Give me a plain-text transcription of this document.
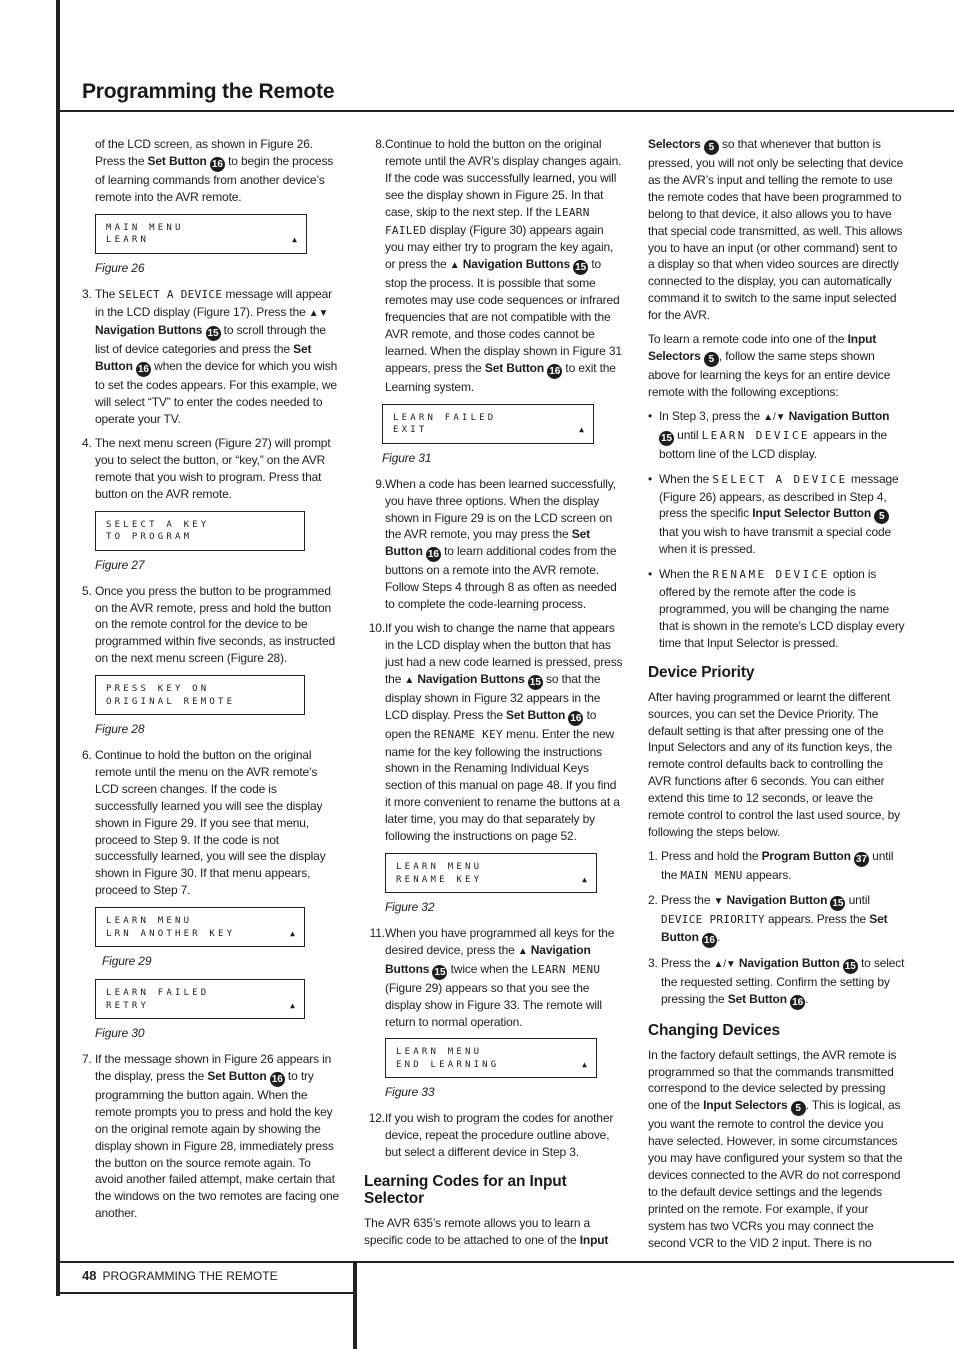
Programming the Remote

of the LCD screen, as shown in Figure 26. Press the Set Button 16 to begin the process of learning commands from another device’s remote into the AVR remote.

MAIN MENU
LEARN	▲
Figure 26
3. The SELECT A DEVICE message will appear in the LCD display (Figure 17). Press the ▲▼ Navigation Buttons 15 to scroll through the list of device categories and press the Set Button 16 when the device for which you wish to set the codes appears. For this example, we will select “TV” to enter the codes needed to operate your TV.
4. The next menu screen (Figure 27) will prompt you to select the button, or “key,” on the AVR remote that you wish to program. Press that button on the AVR remote.
SELECT A KEY
TO PROGRAM
Figure 27
5. Once you press the button to be programmed on the AVR remote, press and hold the button on the remote control for the device to be programmed within five seconds, as instructed on the next menu screen (Figure 28).
PRESS KEY ON
ORIGINAL REMOTE
Figure 28
6. Continue to hold the button on the original remote until the menu on the AVR remote’s LCD screen changes. If the code is successfully learned you will see the display shown in Figure 29. If you see that menu, proceed to Step 9. If the code is not successfully learned, you will see the display shown in Figure 30. If that menu appears, proceed to Step 7.
LEARN MENU
LRN ANOTHER KEY	▲
Figure 29
LEARN FAILED
RETRY	▲
Figure 30
7. If the message shown in Figure 26 appears in the display, press the Set Button 16 to try programming the button again. When the remote prompts you to press and hold the key on the original remote again by showing the display shown in Figure 28, immediately press the button on the source remote again. To avoid another failed attempt, make certain that the windows on the two remotes are facing one another.
8. Continue to hold the button on the original remote until the AVR’s display changes again. If the code was successfully learned, you will see the display shown in Figure 25. In that case, skip to the next step. If the LEARN FAILED display (Figure 30) appears again you may either try to program the key again, or press the ▲ Navigation Buttons 15 to stop the process. It is possible that some remotes may use code sequences or infrared frequencies that are not compatible with the AVR remote, and those codes cannot be learned. When the display shown in Figure 31 appears, press the Set Button 16 to exit the Learning system.
LEARN FAILED
EXIT	▲
Figure 31
9. When a code has been learned successfully, you have three options. When the display shown in Figure 29 is on the LCD screen on the AVR remote, you may press the Set Button 16 to learn additional codes from the buttons on a remote into the AVR remote. Follow Steps 4 through 8 as often as needed to complete the code-learning process.
10. If you wish to change the name that appears in the LCD display when the button that has just had a new code learned is pressed, press the ▲ Navigation Buttons 15 so that the display shown in Figure 32 appears in the LCD display. Press the Set Button 16 to open the RENAME KEY menu. Enter the new name for the key following the instructions shown in the Renaming Individual Keys section of this manual on page 48. If you find it more convenient to rename the buttons at a later time, you may do that separately by following the instructions on page 52.
LEARN MENU
RENAME KEY	▲
Figure 32
11. When you have programmed all keys for the desired device, press the ▲ Navigation Buttons 15 twice when the LEARN MENU (Figure 29) appears so that you see the display show in Figure 33. The remote will return to normal operation.
LEARN MENU
END LEARNING	▲
Figure 33
12. If you wish to program the codes for another device, repeat the procedure outline above, but select a different device in Step 3.
Learning Codes for an Input Selector

The AVR 635’s remote allows you to learn a specific code to be attached to one of the Input

Selectors 5 so that whenever that button is pressed, you will not only be selecting that device as the AVR’s input and telling the remote to use the remote codes that have been programmed to belong to that device, it also allows you to have that special code transmitted, as well. This allows you to have an input (or other command) sent to a display so that when video sources are directly connected to the display, you can automatically command it to switch to the same input selected for the AVR.

To learn a remote code into one of the Input Selectors 5 , follow the same steps shown above for learning the keys for an entire device remote with the following exceptions:

• In Step 3, press the ▲/▼ Navigation Button 15 until LEARN DEVICE appears in the bottom line of the LCD display.
• When the SELECT A DEVICE message (Figure 26) appears, as described in Step 4, press the specific Input Selector Button 5 that you wish to have transmit a special code when it is pressed.
• When the RENAME DEVICE option is offered by the remote after the code is programmed, you will be changing the name that is shown in the remote’s LCD display every time that Input Selector is pressed.
Device Priority

After having programmed or learnt the different sources, you can set the Device Priority. The default setting is that after pressing one of the Input Selectors and any of its function keys, the remote control defaults back to controlling the AVR functions after 6 seconds. You can either extend this time to 12 seconds, or leave the remote control to control the last used source, by following the steps below.

1. Press and hold the Program Button 37 until the MAIN MENU appears.
2. Press the ▼ Navigation Button 15 until DEVICE PRIORITY appears. Press the Set Button 16 .
3. Press the ▲/▼ Navigation Button 15 to select the requested setting. Confirm the setting by pressing the Set Button 16 .
Changing Devices

In the factory default settings, the AVR remote is programmed so that the commands transmitted correspond to the device selected by pressing one of the Input Selectors 5 . This is logical, as you want the remote to control the device you have selected. However, in some circumstances you may have configured your system so that the devices connected to the AVR do not correspond to the default device settings and the legends printed on the remote. For example, if your system has two VCRs you may connect the second VCR to the VID 2 input. There is no

48 PROGRAMMING THE REMOTE
